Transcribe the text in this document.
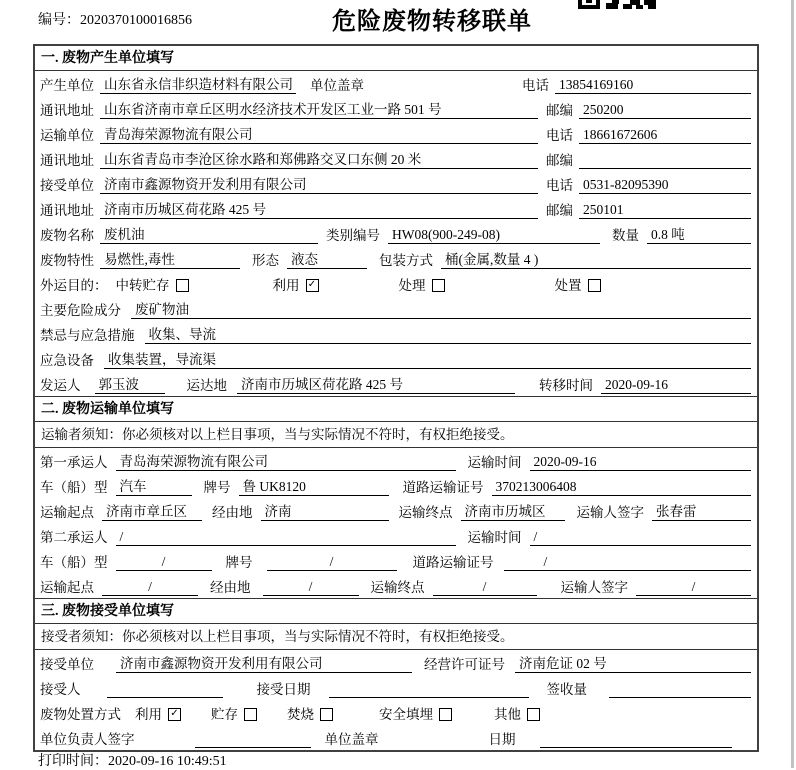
编号：2020370100016856	危险废物转移联单
一. 废物产生单位填写
产生单位 山东省永信非织造材料有限公司 单位盖章	电话 13854169160
通讯地址 山东省济南市章丘区明水经济技术开发区工业一路 501 号	邮编 250200
运输单位 青岛海荣源物流有限公司	电话 18661672606
通讯地址 山东省青岛市李沧区徐水路和郑佛路交叉口东侧 20 米	邮编
接受单位 济南市鑫源物资开发利用有限公司	电话 0531-82095390
通讯地址 济南市历城区荷花路 425 号	邮编 250101
废物名称 废机油	类别编号 HW08(900-249-08)	数量 0.8 吨
废物特性 易燃性,毒性	形态 液态	包装方式 桶(金属,数量 4 )
外运目的： 中转贮存	利用 ✓	处理	处置
主要危险成分 废矿物油
禁忌与应急措施 收集、导流
应急设备 收集装置，导流渠
发运人 郭玉波	运达地 济南市历城区荷花路 425 号	转移时间 2020-09-16
二. 废物运输单位填写
运输者须知：你必须核对以上栏目事项，当与实际情况不符时，有权拒绝接受。
第一承运人 青岛海荣源物流有限公司	运输时间 2020-09-16
车（船）型 汽车	牌号 鲁 UK8120	道路运输证号 370213006408
运输起点 济南市章丘区	经由地 济南	运输终点 济南市历城区	运输人签字 张春雷
第二承运人 /	运输时间 /
车（船）型	/	牌号	/	道路运输证号	/
运输起点	/	经由地	/	运输终点	/	运输人签字	/
三. 废物接受单位填写
接受者须知：你必须核对以上栏目事项，当与实际情况不符时，有权拒绝接受。
接受单位 济南市鑫源物资开发利用有限公司	经营许可证号 济南危证 02 号
接受人	接受日期	签收量
废物处置方式 利用 ✓ 贮存	焚烧	安全填埋	其他
单位负责人签字	单位盖章	日期
打印时间：2020-09-16 10:49:51
